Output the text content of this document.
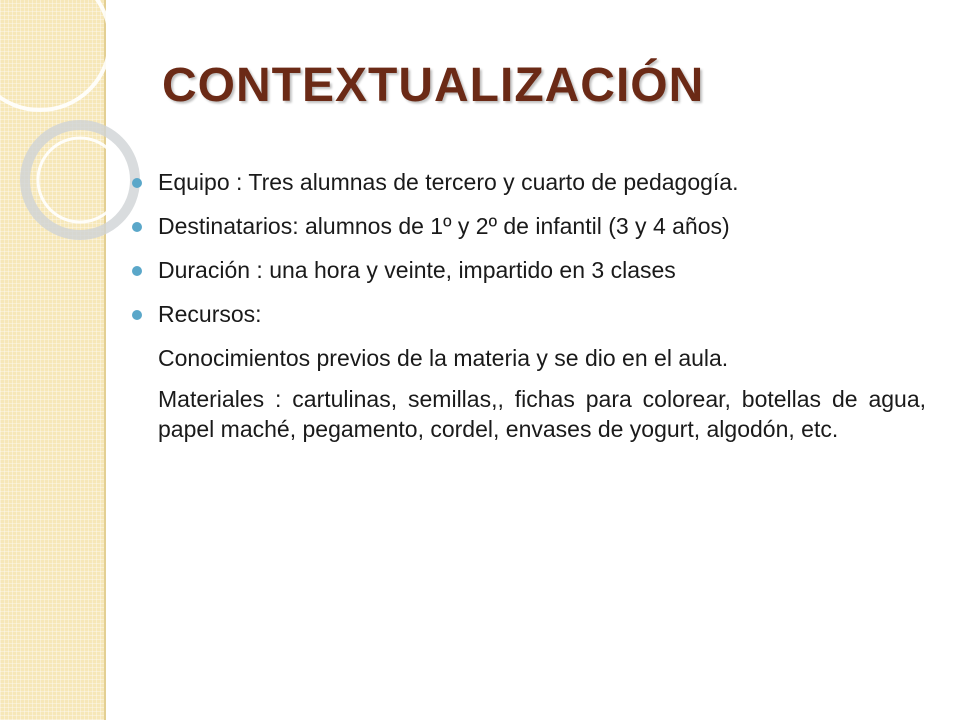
CONTEXTUALIZACIÓN
Equipo : Tres alumnas de tercero y cuarto de pedagogía.
Destinatarios: alumnos de 1º y 2º de infantil (3 y 4 años)
Duración : una hora y veinte, impartido en 3 clases
Recursos:

Conocimientos previos de la materia y se dio en el aula.

Materiales : cartulinas, semillas,, fichas para colorear, botellas de agua, papel maché, pegamento, cordel, envases de yogurt, algodón, etc.
